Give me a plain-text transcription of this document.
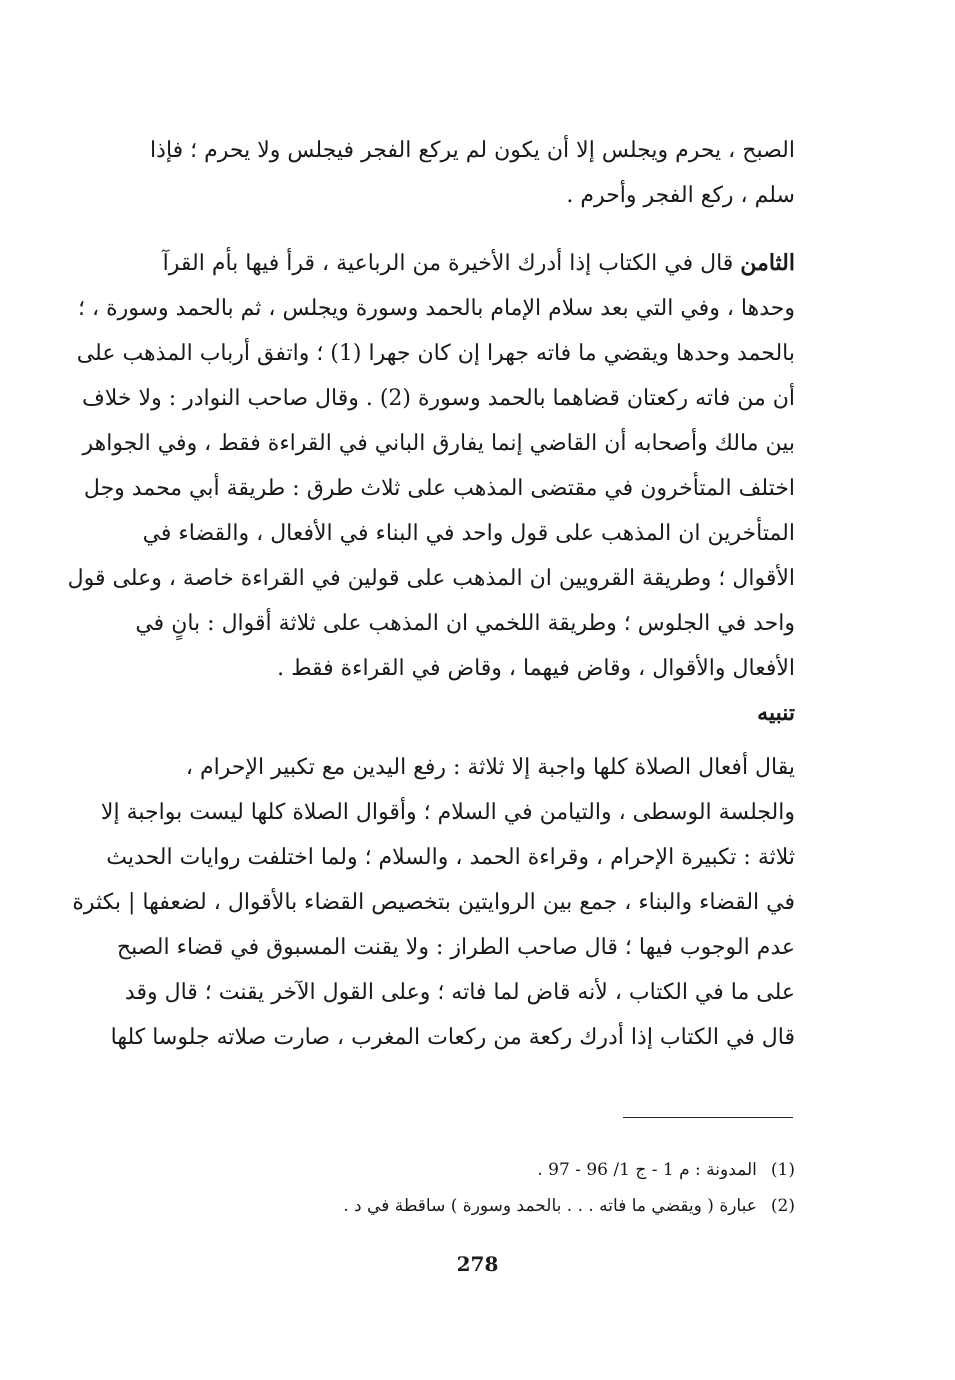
الصبح ، يحرم ويجلس إلا أن يكون لم يركع الفجر فيجلس ولا يحرم ؛ فإذا
سلم ، ركع الفجر وأحرم .
الثامن قال في الكتاب إذا أدرك الأخيرة من الرباعية ، قرأ فيها بأم القرآ
وحدها ، وفي التي بعد سلام الإمام بالحمد وسورة ويجلس ، ثم بالحمد وسورة ، ؛
بالحمد وحدها ويقضي ما فاته جهرا إن كان جهرا (1) ؛ واتفق أرباب المذهب على
أن من فاته ركعتان قضاهما بالحمد وسورة (2) . وقال صاحب النوادر : ولا خلاف
بين مالك وأصحابه أن القاضي إنما يفارق الباني في القراءة فقط ، وفي الجواهر
اختلف المتأخرون في مقتضى المذهب على ثلاث طرق : طريقة أبي محمد وجل
المتأخرين ان المذهب على قول واحد في البناء في الأفعال ، والقضاء في
الأقوال ؛ وطريقة القرويين ان المذهب على قولين في القراءة خاصة ، وعلى قول
واحد في الجلوس ؛ وطريقة اللخمي ان المذهب على ثلاثة أقوال : بانٍ في
الأفعال والأقوال ، وقاض فيهما ، وقاض في القراءة فقط .
تنبيه
يقال أفعال الصلاة كلها واجبة إلا ثلاثة : رفع اليدين مع تكبير الإحرام ،
والجلسة الوسطى ، والتيامن في السلام ؛ وأقوال الصلاة كلها ليست بواجبة إلا
ثلاثة : تكبيرة الإحرام ، وقراءة الحمد ، والسلام ؛ ولما اختلفت روايات الحديث
في القضاء والبناء ، جمع بين الروايتين بتخصيص القضاء بالأقوال ، لضعفها | بكثرة
عدم الوجوب فيها ؛ قال صاحب الطراز : ولا يقنت المسبوق في قضاء الصبح
على ما في الكتاب ، لأنه قاض لما فاته ؛ وعلى القول الآخر يقنت ؛ قال وقد
قال في الكتاب إذا أدرك ركعة من ركعات المغرب ، صارت صلاته جلوسا كلها
(1)المدونة : م 1 - ج 1/ 96 - 97 .
(2)عبارة ( ويقضي ما فاته . . . بالحمد وسورة ) ساقطة في د .
278
